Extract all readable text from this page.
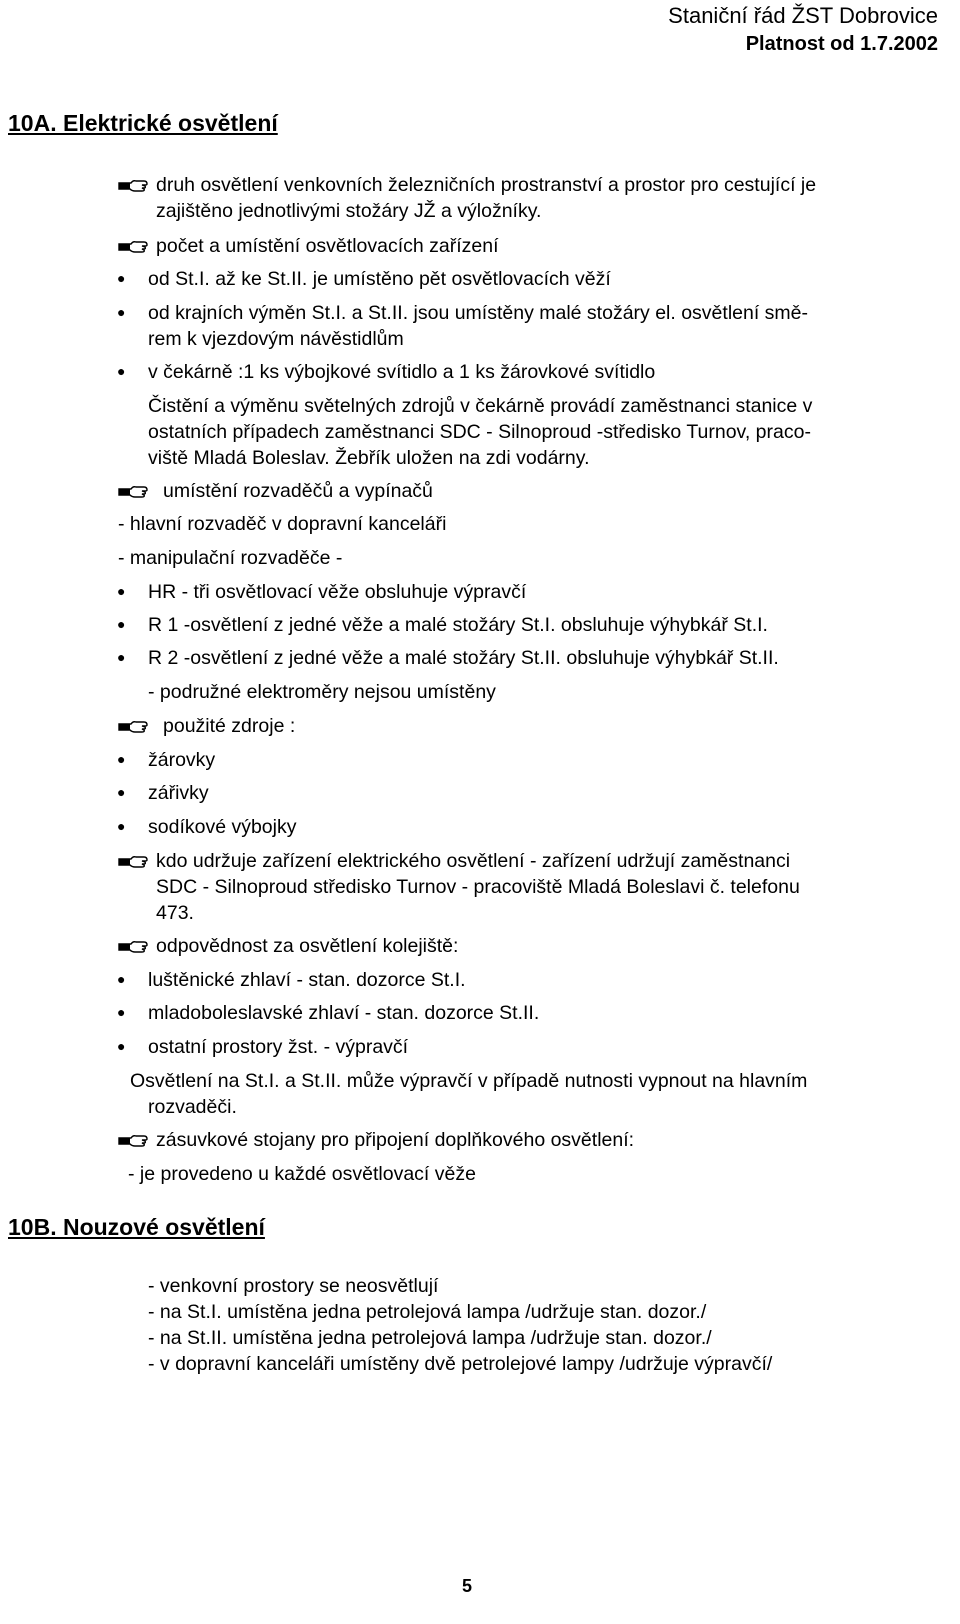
Staniční řád ŽST Dobrovice
Platnost od 1.7.2002
10A. Elektrické osvětlení
druh osvětlení venkovních železničních prostranství a prostor pro cestující je
zajištěno jednotlivými stožáry JŽ a výložníky.
počet a umístění osvětlovacích zařízení
● od St.I. až ke St.II. je umístěno pět osvětlovacích věží
● od krajních výměn St.I. a St.II. jsou umístěny malé stožáry el. osvětlení smě-
rem k vjezdovým návěstidlům
● v čekárně :1 ks výbojkové svítidlo a 1 ks žárovkové svítidlo
Čistění a výměnu světelných zdrojů v čekárně provádí zaměstnanci stanice v
ostatních případech zaměstnanci SDC - Silnoproud -středisko Turnov, praco-
viště Mladá Boleslav. Žebřík uložen na zdi vodárny.
umístění rozvaděčů a vypínačů
- hlavní rozvaděč v dopravní kanceláři
- manipulační rozvaděče -
● HR - tři osvětlovací věže obsluhuje výpravčí
● R 1 -osvětlení z jedné věže a malé stožáry St.I. obsluhuje výhybkář St.I.
● R 2 -osvětlení z jedné věže a malé stožáry St.II. obsluhuje výhybkář St.II.
- podružné elektroměry nejsou umístěny
použité zdroje :
● žárovky
● zářivky
● sodíkové výbojky
kdo udržuje zařízení elektrického osvětlení - zařízení udržují zaměstnanci
SDC - Silnoproud středisko Turnov - pracoviště Mladá Boleslavi č. telefonu
473.
odpovědnost za osvětlení kolejiště:
● luštěnické zhlaví - stan. dozorce St.I.
● mladoboleslavské zhlaví - stan. dozorce St.II.
● ostatní prostory žst. - výpravčí
Osvětlení na St.I. a St.II. může výpravčí v případě nutnosti vypnout na hlavním
rozvaděči.
zásuvkové stojany pro připojení doplňkového osvětlení:
- je provedeno u každé osvětlovací věže
10B. Nouzové osvětlení
- venkovní prostory se neosvětlují
- na St.I. umístěna jedna petrolejová lampa /udržuje stan. dozor./
- na St.II. umístěna jedna petrolejová lampa /udržuje stan. dozor./
- v dopravní kanceláři umístěny dvě petrolejové lampy /udržuje výpravčí/
5
